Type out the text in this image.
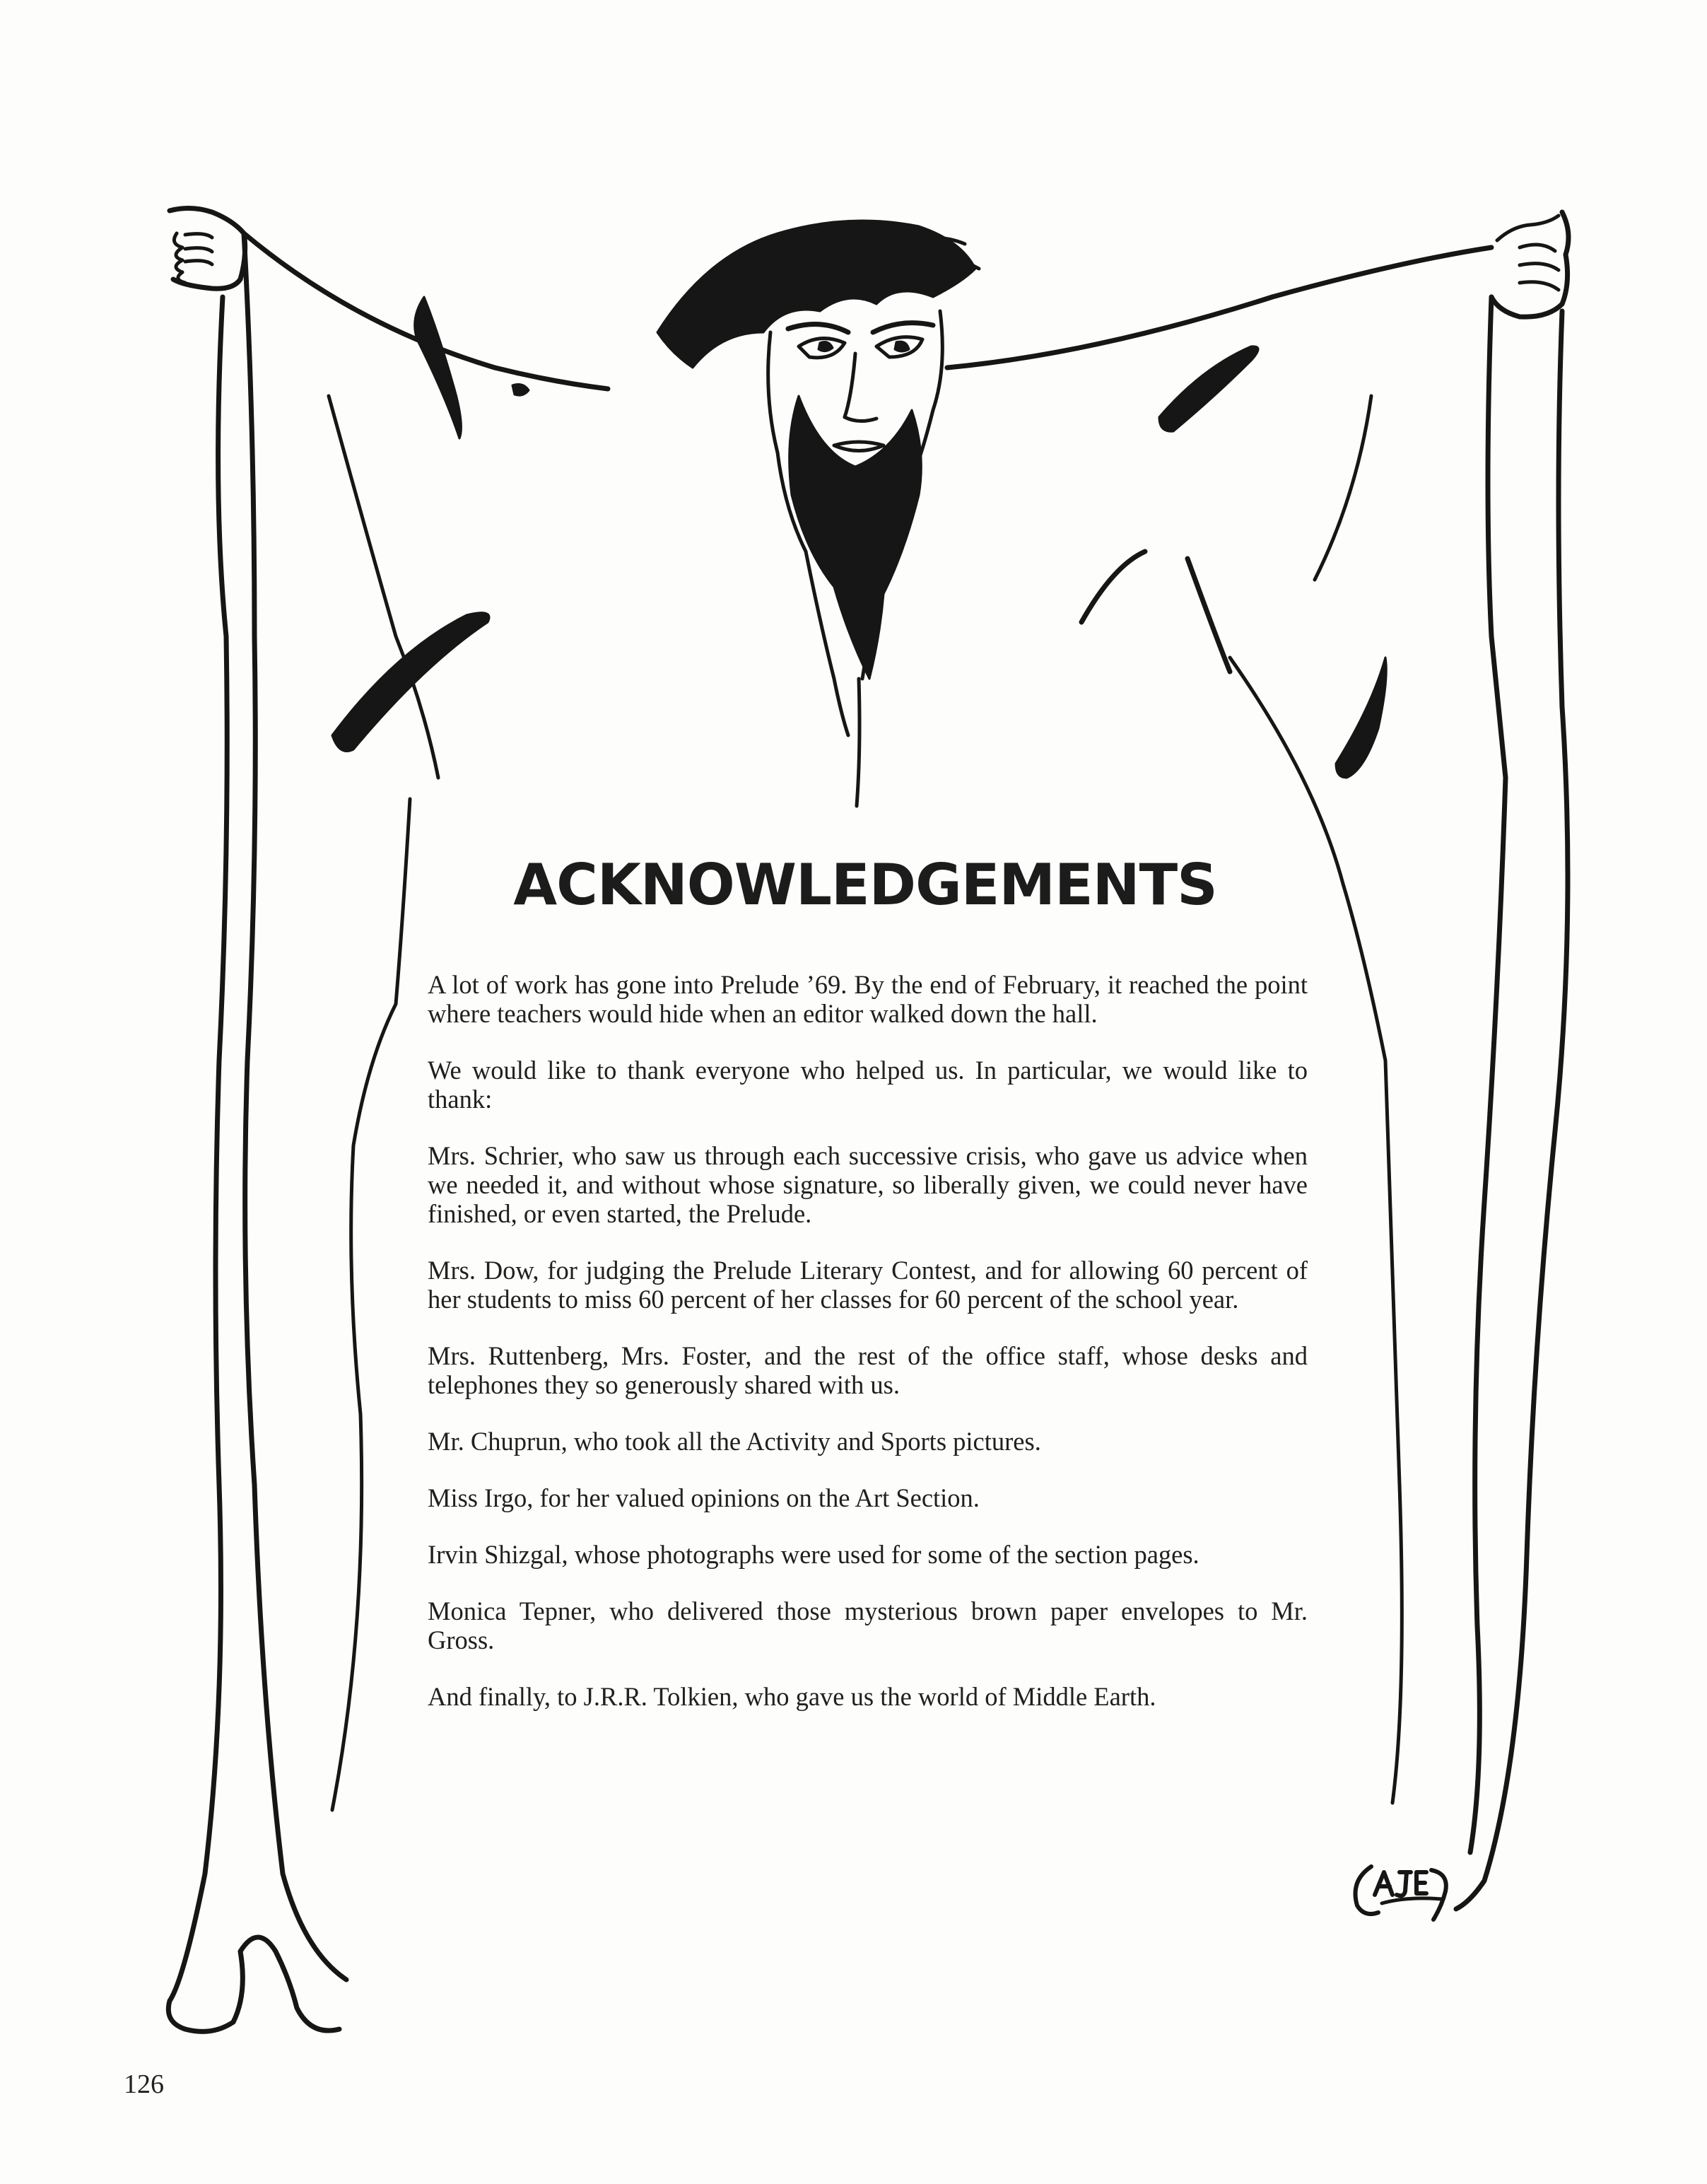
ACKNOWLEDGEMENTS

A lot of work has gone into Prelude ’69. By the end of February, it reached the point where teachers would hide when an editor walked down the hall.

We would like to thank everyone who helped us. In particular, we would like to thank:

Mrs. Schrier, who saw us through each successive crisis, who gave us advice when we needed it, and without whose signature, so liberally given, we could never have finished, or even started, the Prelude.

Mrs. Dow, for judging the Prelude Literary Contest, and for allowing 60 percent of her students to miss 60 percent of her classes for 60 percent of the school year.

Mrs. Ruttenberg, Mrs. Foster, and the rest of the office staff, whose desks and telephones they so generously shared with us.

Mr. Chuprun, who took all the Activity and Sports pictures.

Miss Irgo, for her valued opinions on the Art Section.

Irvin Shizgal, whose photographs were used for some of the section pages.

Monica Tepner, who delivered those mysterious brown paper envelopes to Mr. Gross.

And finally, to J.R.R. Tolkien, who gave us the world of Middle Earth.

126
